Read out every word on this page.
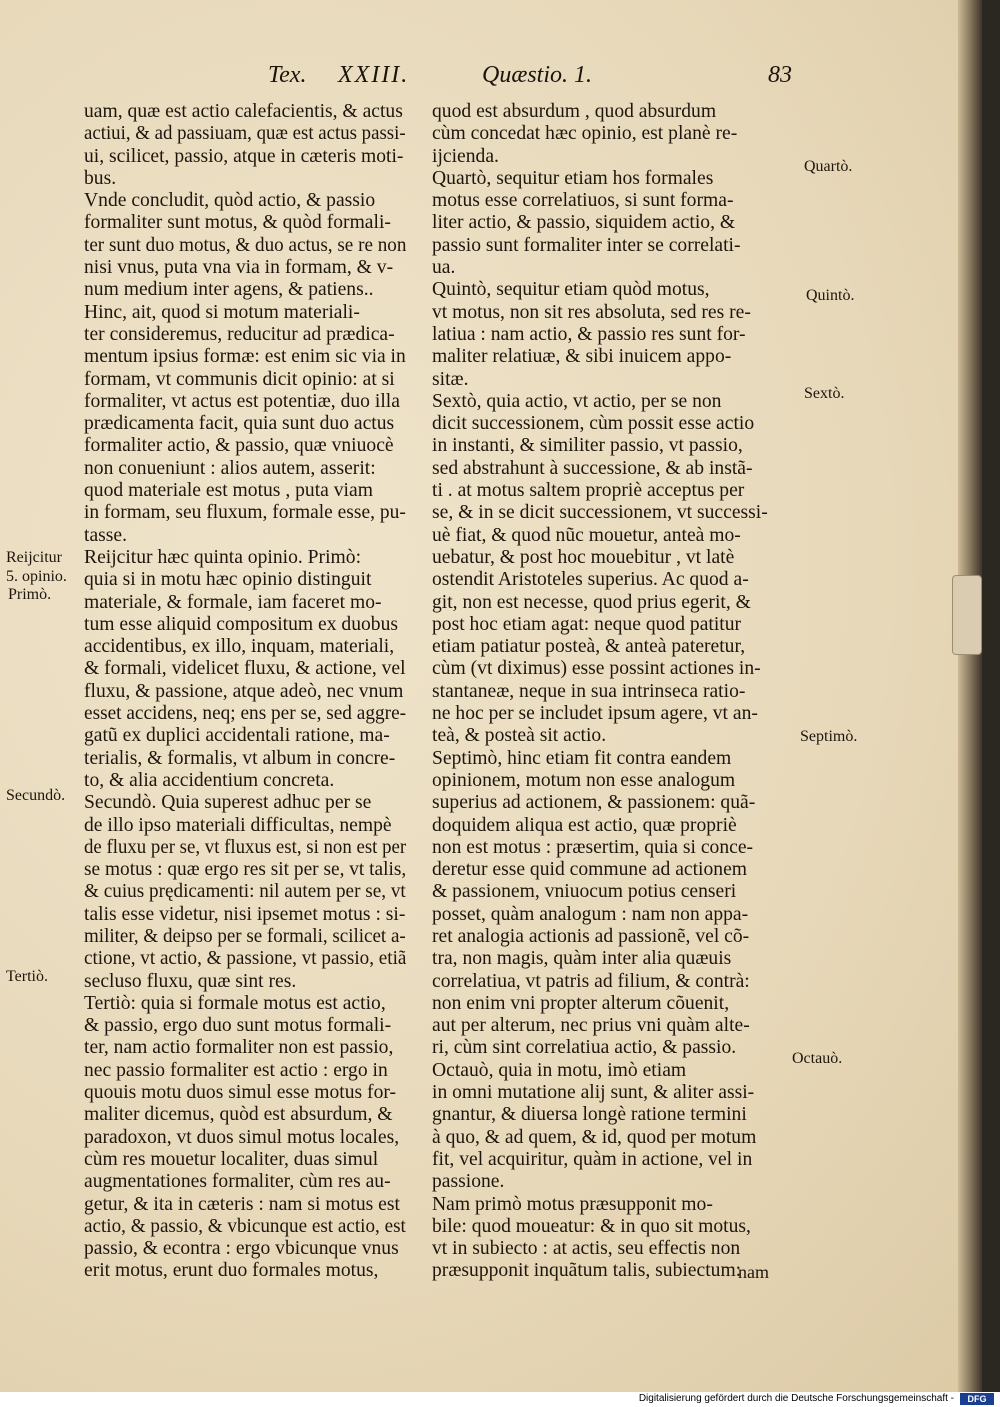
Tex. XXIII.	Quæstio. 1.	83
uam, quæ est actio calefacientis, & actus
actiui, & ad passiuam, quæ est actus passi-
ui, scilicet, passio, atque in cæteris moti-
bus.
Vnde concludit, quòd actio, & passio
formaliter sunt motus, & quòd formali-
ter sunt duo motus, & duo actus, se re non
nisi vnus, puta vna via in formam, & v-
num medium inter agens, & patiens..
Hinc, ait, quod si motum materiali-
ter consideremus, reducitur ad prædica-
mentum ipsius formæ: est enim sic via in
formam, vt communis dicit opinio: at si
formaliter, vt actus est potentiæ, duo illa
prædicamenta facit, quia sunt duo actus
formaliter actio, & passio, quæ vniuocè
non conueniunt : alios autem, asserit:
quod materiale est motus , puta viam
in formam, seu fluxum, formale esse, pu-
tasse.
Reijcitur hæc quinta opinio. Primò:
quia si in motu hæc opinio distinguit
materiale, & formale, iam faceret mo-
tum esse aliquid compositum ex duobus
accidentibus, ex illo, inquam, materiali,
& formali, videlicet fluxu, & actione, vel
fluxu, & passione, atque adeò, nec vnum
esset accidens, neq; ens per se, sed aggre-
gatũ ex duplici accidentali ratione, ma-
terialis, & formalis, vt album in concre-
to, & alia accidentium concreta.
Secundò. Quia superest adhuc per se
de illo ipso materiali difficultas, nempè
de fluxu per se, vt fluxus est, si non est per
se motus : quæ ergo res sit per se, vt talis,
& cuius prędicamenti: nil autem per se, vt
talis esse videtur, nisi ipsemet motus : si-
militer, & deipso per se formali, scilicet a-
ctione, vt actio, & passione, vt passio, etiã
secluso fluxu, quæ sint res.
Tertiò: quia si formale motus est actio,
& passio, ergo duo sunt motus formali-
ter, nam actio formaliter non est passio,
nec passio formaliter est actio : ergo in
quouis motu duos simul esse motus for-
maliter dicemus, quòd est absurdum, &
paradoxon, vt duos simul motus locales,
cùm res mouetur localiter, duas simul
augmentationes formaliter, cùm res au-
getur, & ita in cæteris : nam si motus est
actio, & passio, & vbicunque est actio, est
passio, & econtra : ergo vbicunque vnus
erit motus, erunt duo formales motus,
quod est absurdum , quod absurdum
cùm concedat hæc opinio, est planè re-
ijcienda.
Quartò, sequitur etiam hos formales
motus esse correlatiuos, si sunt forma-
liter actio, & passio, siquidem actio, &
passio sunt formaliter inter se correlati-
ua.
Quintò, sequitur etiam quòd motus,
vt motus, non sit res absoluta, sed res re-
latiua : nam actio, & passio res sunt for-
maliter relatiuæ, & sibi inuicem appo-
sitæ.
Sextò, quia actio, vt actio, per se non
dicit successionem, cùm possit esse actio
in instanti, & similiter passio, vt passio,
sed abstrahunt à successione, & ab instã-
ti . at motus saltem propriè acceptus per
se, & in se dicit successionem, vt successi-
uè fiat, & quod nũc mouetur, anteà mo-
uebatur, & post hoc mouebitur , vt latè
ostendit Aristoteles superius. Ac quod a-
git, non est necesse, quod prius egerit, &
post hoc etiam agat: neque quod patitur
etiam patiatur posteà, & anteà pateretur,
cùm (vt diximus) esse possint actiones in-
stantaneæ, neque in sua intrinseca ratio-
ne hoc per se includet ipsum agere, vt an-
teà, & posteà sit actio.
Septimò, hinc etiam fit contra eandem
opinionem, motum non esse analogum
superius ad actionem, & passionem: quã-
doquidem aliqua est actio, quæ propriè
non est motus : præsertim, quia si conce-
deretur esse quid commune ad actionem
& passionem, vniuocum potius censeri
posset, quàm analogum : nam non appa-
ret analogia actionis ad passionẽ, vel cõ-
tra, non magis, quàm inter alia quæuis
correlatiua, vt patris ad filium, & contrà:
non enim vni propter alterum cõuenit,
aut per alterum, nec prius vni quàm alte-
ri, cùm sint correlatiua actio, & passio.
Octauò, quia in motu, imò etiam
in omni mutatione alij sunt, & aliter assi-
gnantur, & diuersa longè ratione termini
à quo, & ad quem, & id, quod per motum
fit, vel acquiritur, quàm in actione, vel in
passione.
Nam primò motus præsupponit mo-
bile: quod moueatur: & in quo sit motus,
vt in subiecto : at actis, seu effectis non
præsupponit inquãtum talis, subiectum:
Reijcitur
5. opinio.
Primò.
Secundò.
Tertiò.
Quartò.
Quintò.
Sextò.
Septimò.
Octauò.
nam
Digitalisierung gefördert durch die Deutsche Forschungsgemeinschaft -	DFG
